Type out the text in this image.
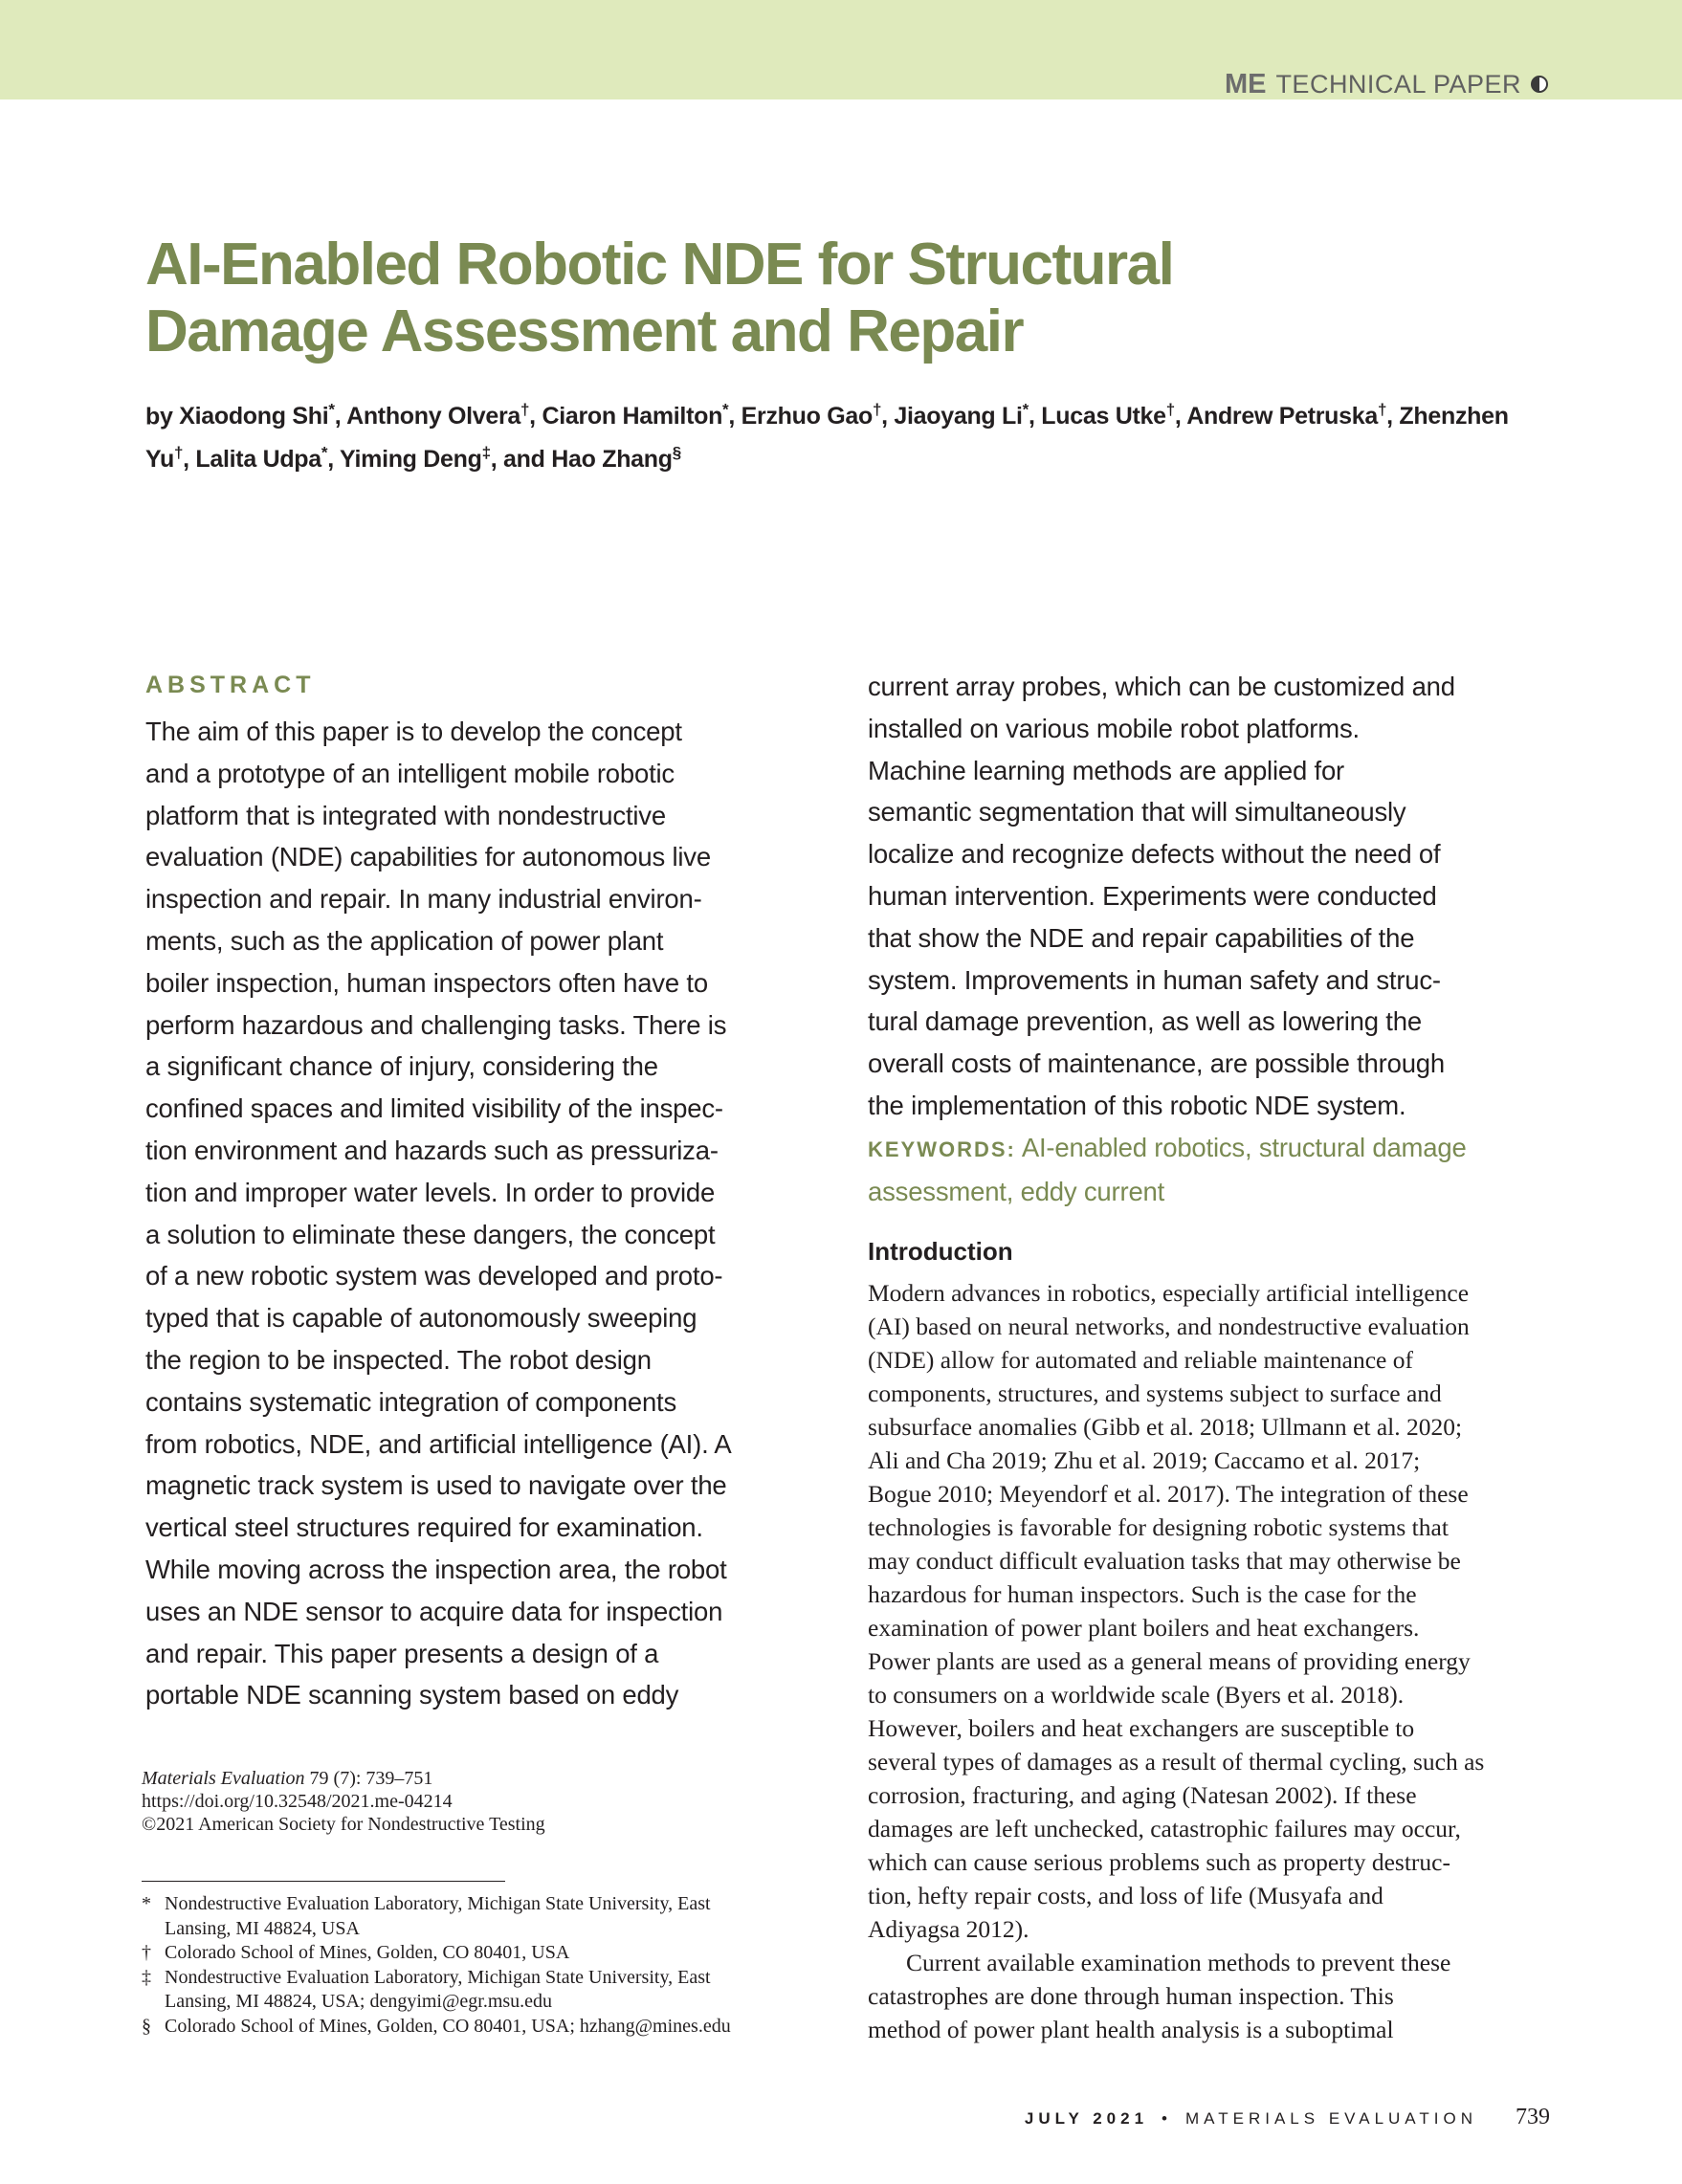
ME TECHNICAL PAPER
AI-Enabled Robotic NDE for Structural Damage Assessment and Repair
by Xiaodong Shi*, Anthony Olvera†, Ciaron Hamilton*, Erzhuo Gao†, Jiaoyang Li*, Lucas Utke†, Andrew Petruska†, Zhenzhen Yu†, Lalita Udpa*, Yiming Deng‡, and Hao Zhang§
ABSTRACT
The aim of this paper is to develop the concept
and a prototype of an intelligent mobile robotic
platform that is integrated with nondestructive
evaluation (NDE) capabilities for autonomous live
inspection and repair. In many industrial environ-
ments, such as the application of power plant
boiler inspection, human inspectors often have to
perform hazardous and challenging tasks. There is
a significant chance of injury, considering the
confined spaces and limited visibility of the inspec-
tion environment and hazards such as pressuriza-
tion and improper water levels. In order to provide
a solution to eliminate these dangers, the concept
of a new robotic system was developed and proto-
typed that is capable of autonomously sweeping
the region to be inspected. The robot design
contains systematic integration of components
from robotics, NDE, and artificial intelligence (AI). A
magnetic track system is used to navigate over the
vertical steel structures required for examination.
While moving across the inspection area, the robot
uses an NDE sensor to acquire data for inspection
and repair. This paper presents a design of a
portable NDE scanning system based on eddy
current array probes, which can be customized and
installed on various mobile robot platforms.
Machine learning methods are applied for
semantic segmentation that will simultaneously
localize and recognize defects without the need of
human intervention. Experiments were conducted
that show the NDE and repair capabilities of the
system. Improvements in human safety and struc-
tural damage prevention, as well as lowering the
overall costs of maintenance, are possible through
the implementation of this robotic NDE system.
KEYWORDS: AI-enabled robotics, structural damage
assessment, eddy current
Introduction
Modern advances in robotics, especially artificial intelligence
(AI) based on neural networks, and nondestructive evaluation
(NDE) allow for automated and reliable maintenance of
components, structures, and systems subject to surface and
subsurface anomalies (Gibb et al. 2018; Ullmann et al. 2020;
Ali and Cha 2019; Zhu et al. 2019; Caccamo et al. 2017;
Bogue 2010; Meyendorf et al. 2017). The integration of these
technologies is favorable for designing robotic systems that
may conduct difficult evaluation tasks that may otherwise be
hazardous for human inspectors. Such is the case for the
examination of power plant boilers and heat exchangers.
Power plants are used as a general means of providing energy
to consumers on a worldwide scale (Byers et al. 2018).
However, boilers and heat exchangers are susceptible to
several types of damages as a result of thermal cycling, such as
corrosion, fracturing, and aging (Natesan 2002). If these
damages are left unchecked, catastrophic failures may occur,
which can cause serious problems such as property destruc-
tion, hefty repair costs, and loss of life (Musyafa and
Adiyagsa 2012).
Current available examination methods to prevent these
catastrophes are done through human inspection. This
method of power plant health analysis is a suboptimal
Materials Evaluation 79 (7): 739–751
https://doi.org/10.32548/2021.me-04214
©2021 American Society for Nondestructive Testing
* Nondestructive Evaluation Laboratory, Michigan State University, East
Lansing, MI 48824, USA
† Colorado School of Mines, Golden, CO 80401, USA
‡ Nondestructive Evaluation Laboratory, Michigan State University, East
Lansing, MI 48824, USA; dengyimi@egr.msu.edu
§ Colorado School of Mines, Golden, CO 80401, USA; hzhang@mines.edu
JULY 2021 • MATERIALS EVALUATION 739
